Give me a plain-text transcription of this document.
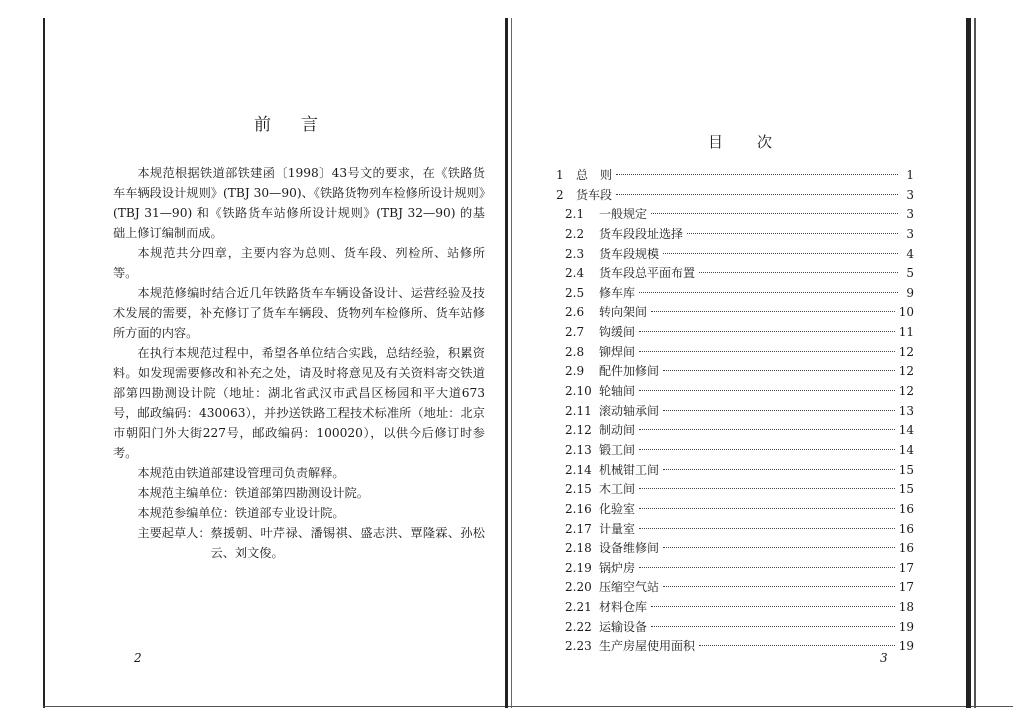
前言

本规范根据铁道部铁建函〔1998〕43号文的要求，在《铁路货车车辆段设计规则》(TBJ 30—90)、《铁路货物列车检修所设计规则》(TBJ 31—90) 和《铁路货车站修所设计规则》(TBJ 32—90) 的基础上修订编制而成。

本规范共分四章，主要内容为总则、货车段、列检所、站修所等。

本规范修编时结合近几年铁路货车车辆设备设计、运营经验及技术发展的需要，补充修订了货车车辆段、货物列车检修所、货车站修所方面的内容。

在执行本规范过程中，希望各单位结合实践，总结经验，积累资料。如发现需要修改和补充之处，请及时将意见及有关资料寄交铁道部第四勘测设计院（地址：湖北省武汉市武昌区杨园和平大道673号，邮政编码：430063），并抄送铁路工程技术标准所（地址：北京市朝阳门外大街227号，邮政编码：100020），以供今后修订时参考。

本规范由铁道部建设管理司负责解释。

本规范主编单位：铁道部第四勘测设计院。

本规范参编单位：铁道部专业设计院。

主要起草人： 蔡援朝、叶芹禄、潘锡祺、盛志洪、覃隆霖、孙松云、刘文俊。

2
目次
1	总　则	1
2	货车段	3
2.1	一般规定	3
2.2	货车段段址选择	3
2.3	货车段规模	4
2.4	货车段总平面布置	5
2.5	修车库	9
2.6	转向架间	10
2.7	钩缓间	11
2.8	铆焊间	12
2.9	配件加修间	12
2.10 轮轴间	12
2.11 滚动轴承间	13
2.12 制动间	14
2.13 锻工间	14
2.14 机械钳工间	15
2.15 木工间	15
2.16 化验室	16
2.17 计量室	16
2.18 设备维修间	16
2.19 锅炉房	17
2.20 压缩空气站	17
2.21 材料仓库	18
2.22 运输设备	19
2.23 生产房屋使用面积	19
3
